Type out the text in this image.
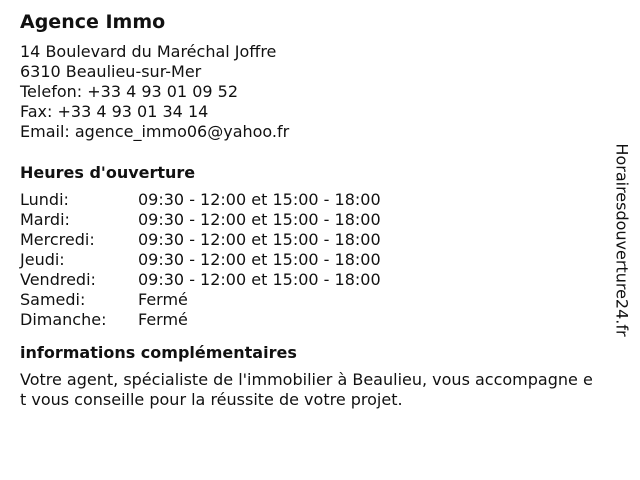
Agence Immo
14 Boulevard du Maréchal Joffre
6310 Beaulieu-sur-Mer
Telefon: +33 4 93 01 09 52
Fax: +33 4 93 01 34 14
Email: agence_immo06@yahoo.fr
Heures d'ouverture
Lundi:	09:30 - 12:00 et 15:00 - 18:00
Mardi:	09:30 - 12:00 et 15:00 - 18:00
Mercredi:	09:30 - 12:00 et 15:00 - 18:00
Jeudi:	09:30 - 12:00 et 15:00 - 18:00
Vendredi:	09:30 - 12:00 et 15:00 - 18:00
Samedi:	Fermé
Dimanche:	Fermé
informations complémentaires
Votre agent, spécialiste de l'immobilier à Beaulieu, vous accompagne et vous conseille pour la réussite de votre projet.
Horairesdouverture24.fr
